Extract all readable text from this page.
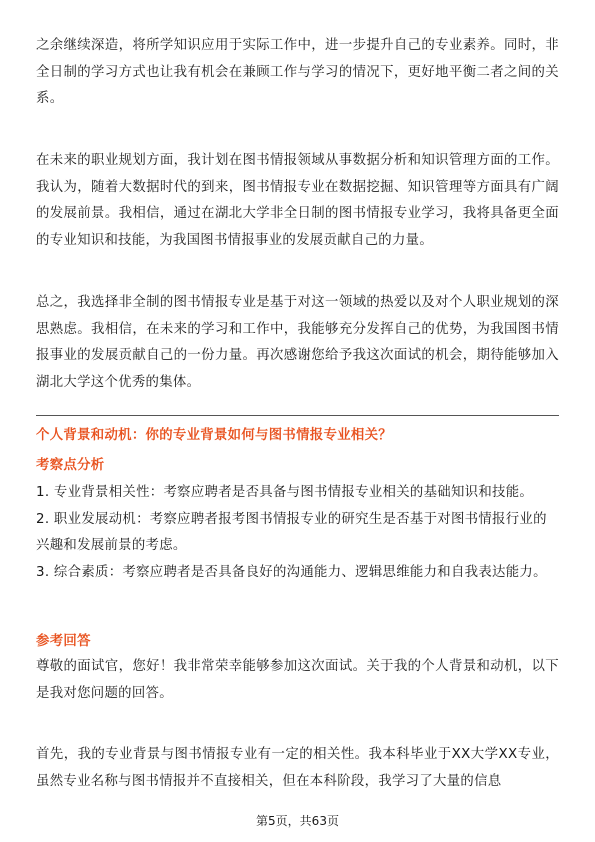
之余继续深造，将所学知识应用于实际工作中，进一步提升自己的专业素养。同时，非全日制的学习方式也让我有机会在兼顾工作与学习的情况下，更好地平衡二者之间的关系。

在未来的职业规划方面，我计划在图书情报领域从事数据分析和知识管理方面的工作。我认为，随着大数据时代的到来，图书情报专业在数据挖掘、知识管理等方面具有广阔的发展前景。我相信，通过在湖北大学非全日制的图书情报专业学习，我将具备更全面的专业知识和技能，为我国图书情报事业的发展贡献自己的力量。

总之，我选择非全制的图书情报专业是基于对这一领域的热爱以及对个人职业规划的深思熟虑。我相信，在未来的学习和工作中，我能够充分发挥自己的优势，为我国图书情报事业的发展贡献自己的一份力量。再次感谢您给予我这次面试的机会，期待能够加入湖北大学这个优秀的集体。

个人背景和动机：你的专业背景如何与图书情报专业相关？
考察点分析
1. 专业背景相关性：考察应聘者是否具备与图书情报专业相关的基础知识和技能。
2. 职业发展动机：考察应聘者报考图书情报专业的研究生是否基于对图书情报行业的兴趣和发展前景的考虑。
3. 综合素质：考察应聘者是否具备良好的沟通能力、逻辑思维能力和自我表达能力。
参考回答

尊敬的面试官，您好！我非常荣幸能够参加这次面试。关于我的个人背景和动机，以下是我对您问题的回答。

首先，我的专业背景与图书情报专业有一定的相关性。我本科毕业于XX大学XX专业，虽然专业名称与图书情报并不直接相关，但在本科阶段，我学习了大量的信息

第5页，共63页
